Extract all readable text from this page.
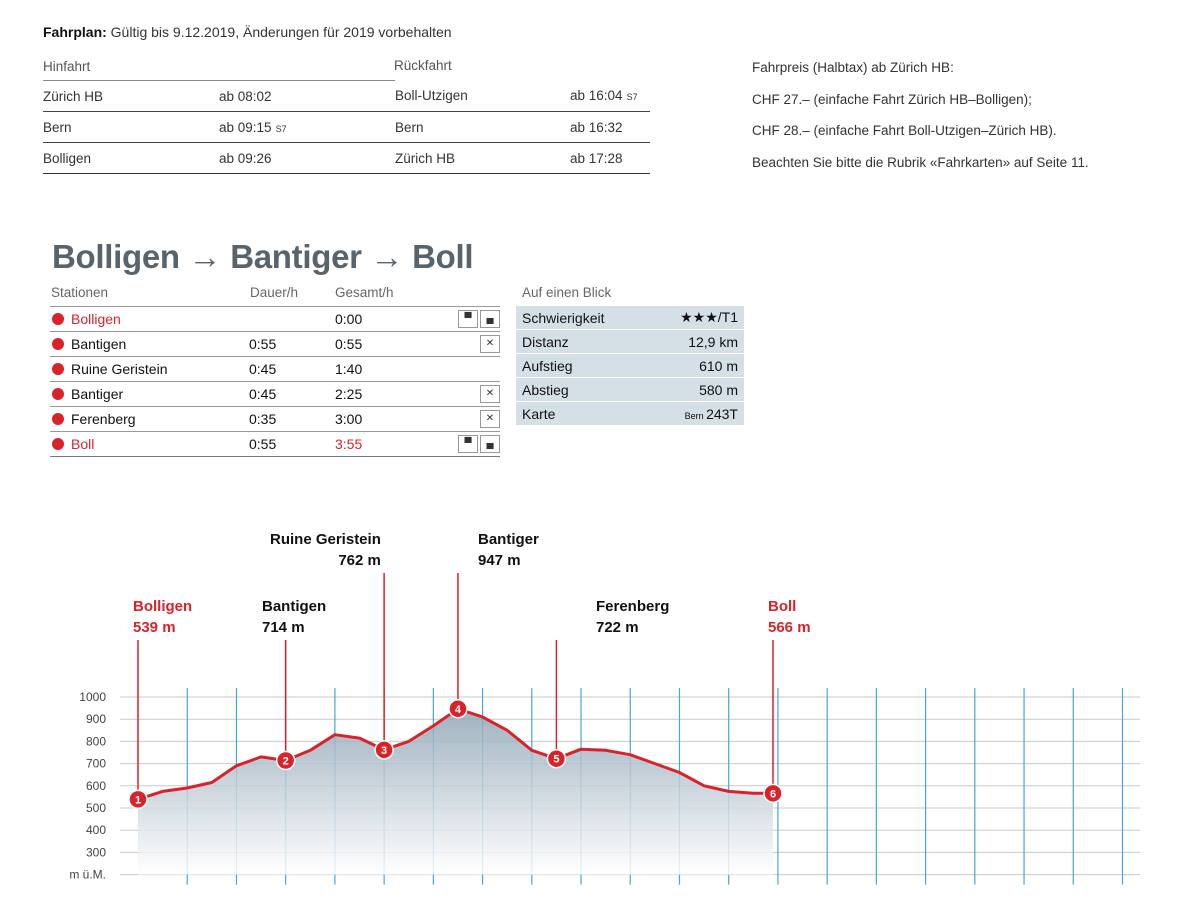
Fahrplan: Gültig bis 9.12.2019, Änderungen für 2019 vorbehalten
Hinfahrt			
Zürich HB	ab 08:02	Boll-Utzigen	ab 16:04 S7
Bern	ab 09:15 S7	Bern	ab 16:32
Bolligen	ab 09:26	Zürich HB	ab 17:28
Rückfahrt	Fahrpreis (Halbtax) ab Zürich HB:
CHF 27.– (einfache Fahrt Zürich HB–Bolligen);
CHF 28.– (einfache Fahrt Boll-Utzigen–Zürich HB).
Beachten Sie bitte die Rubrik «Fahrkarten» auf Seite 11.
Bolligen → Bantiger → Boll
Stationen	Dauer/h	Gesamt/h
Bolligen		0:00	▀ ▄
Bantigen	0:55	0:55	✕
Ruine Geristein	0:45	1:40	
Bantiger	0:45	2:25	✕
Ferenberg	0:35	3:00	✕
Boll	0:55	3:55	▀ ▄
Auf einen Blick
Schwierigkeit	★★★/T1
Distanz	12,9 km
Aufstieg	610 m
Abstieg	580 m
Karte	Bern 243T
300
400
500
600
700
800
900
1000
m ü.M.
1
2
3
4
5
6
Bolligen
539 m
Bantigen
714 m
Ruine Geristein
762 m
Bantiger
947 m
Ferenberg
722 m
Boll
566 m
